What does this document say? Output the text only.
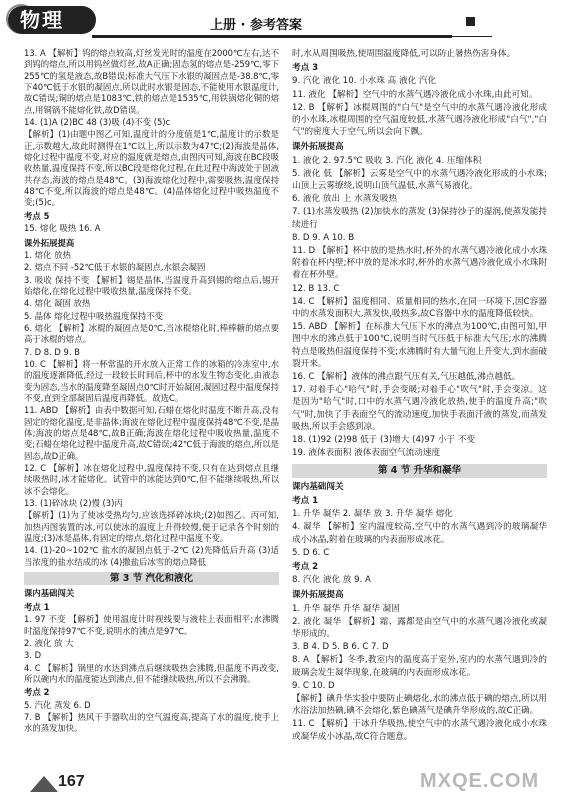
物理	上册 · 参考答案
13. A 【解析】钨的熔点较高,灯丝发光时的温度在2000℃左右,达不到钨的熔点,所以用钨丝做灯丝,故A正确;固态氢的熔点是-259℃,零下255℃的氢是液态,故B错误;标准大气压下水银的凝固点是-38.8℃,零下40℃低于水银的凝固点,所以此时水银是固态,不能使用水银温度计,故C错误;铜的熔点是1083℃,铁的熔点是1535℃,用铁锅熔化铜的熔点,用铜锅不能熔化铁,故D错误。
14. (1)A (2)BC 48 (3)吸 (4)不变 (5)c
【解析】(1)由题中图乙可知,温度计的分度值是1℃,温度计的示数是正,示数越大,故此时测得在1℃以上,所以示数为47℃;(2)海波是晶体,熔化过程中温度不变,对应的温度就是熔点,由图丙可知,海波在BC段吸收热量,温度保持不变,所以BC段是熔化过程,在此过程中海波处于固液共存态,海波的熔点是48℃。(3)海波熔化过程中,需要吸热,温度保持48℃不变,所以海波的熔点是48℃。(4)晶体熔化过程中吸热温度不变;(5)c。
考点 5
15. 熔化 吸热 16. A
课外拓展提高
1. 熔化 放热
2. 熔点不同 -52℃低于水银的凝固点,水银会凝固
3. 吸收 保持不变 【解析】锡是晶体,当温度升高到锡的熔点后,锡开始熔化,在熔化过程中吸收热量,温度保持不变。
4. 熔化 凝固 放热
5. 晶体 熔化过程中吸热温度保持不变
6. 熔化 【解析】冰棍的凝固点是0℃,当冰棍熔化时,棒棒糖的熔点要高于冰棍的熔点。
7. D 8. D 9. B
10. C 【解析】将一杯常温的开水放入正常工作的冰箱的冷冻室中,水的温度逐渐降低,经过一段较长时间后,杯中的水发生物态变化,由液态变为固态,当水的温度降至凝固点0℃时开始凝固,凝固过程中温度保持不变,直到全部凝固后温度再降低。故选C。
11. ABD 【解析】由表中数据可知,石蜡在熔化时温度不断升高,没有固定的熔化温度,是非晶体;海波在熔化过程中温度保持48℃不变,是晶体;海波的熔点是48℃,故B正确;海波在熔化过程中吸收热量,温度不变;石蜡在熔化过程中温度升高,故C错误;42℃低于海波的熔点,所以是固态,故D正确。
12. C 【解析】冰在熔化过程中,温度保持不变,只有在达到熔点且继续吸热时,冰才能熔化。试管中的冰能达到0℃,但不能继续吸热,所以冰不会熔化。
13. (1)碎冰块 (2)慢 (3)丙
【解析】(1)为了使冰受热均匀,应该选择碎冰块;(2)如图乙、丙可知,加热丙图装置的冰,可以使冰的温度上升得较慢,便于记录各个时刻的温度;(3)冰是晶体,有固定的熔点,熔化过程中温度不变。
14. (1)-20~102℃ 盐水的凝固点低于-2℃ (2)先降低后升高 (3)适当浓度的盐水结成的冰 (4)撒盐后冰雪的熔点降低
第 3 节 汽化和液化
课内基础闯关
考点 1
1. 97 不变 【解析】使用温度计时视线要与液柱上表面相平;水沸腾时温度保持97℃不变,说明水的沸点是97℃。
2. 液化 放 大
3. D
4. C 【解析】锅里的水达到沸点后继续吸热会沸腾,但温度不再改变,所以碗内水的温度能达到沸点,但不能继续吸热,所以不会沸腾。
考点 2
5. 汽化 蒸发 6. D
7. B 【解析】热风干手器吹出的空气温度高,提高了水的温度,使手上水的蒸发加快。
时,水从周围吸热,使周围温度降低,可以防止暑热伤害身体。
考点 3
9. 汽化 液化 10. 小水珠 高 液化 汽化
11. 液化 【解析】空气中的水蒸气遇冷液化成小水珠,由此可知。
12. B 【解析】冰棍周围的"白气"是空气中的水蒸气遇冷液化形成的小水珠,冰棍周围的空气温度较低,水蒸气遇冷液化形成"白气","白气"的密度大于空气,所以会向下飘。
课外拓展提高
1. 液化 2. 97.5℃ 吸收 3. 汽化 液化 4. 压缩体积
5. 液化 低 【解析】云雾是空气中的水蒸气遇冷液化形成的小水珠;山顶上云雾缭绕,说明山顶气温低,水蒸气易液化。
6. 液化 放出 上 水蒸发吸热
7. (1)水蒸发吸热 (2)加快水的蒸发 (3)保持沙子的湿润,使蒸发能持续进行
8. D 9. A 10. B
11. D 【解析】杯中放的是热水时,杯外的水蒸气遇冷液化成小水珠附着在杯内壁;杯中放的是冰水时,杯外的水蒸气遇冷液化成小水珠附着在杯外壁。
12. B 13. C
14. C 【解析】温度相同、质量相同的热水,在同一环境下,因C容器中的水蒸发面积大,蒸发快,吸热多,故C容器中水的温度降低较快。
15. ABD 【解析】在标准大气压下水的沸点为100℃,由图可知,甲图中水的沸点低于100℃,说明当时气压低于标准大气压;水的沸腾特点是吸热但温度保持不变;水沸腾时有大量气泡上升变大,到水面破裂开来。
16. C 【解析】液体的沸点跟气压有关,气压越低,沸点越低。
17. 对着手心"哈气"时,手会变暖;对着手心"吹气"时,手会变凉。这是因为"哈气"时,口中的水蒸气遇冷液化放热,使手的温度升高;"吹气"时,加快了手表面空气的流动速度,加快手表面汗液的蒸发,而蒸发吸热,所以手会感到凉。
18. (1)92 (2)98 低于 (3)增大 (4)97 小于 不变
19. 液体表面积 液体表面空气流动速度
第 4 节 升华和凝华
课内基础闯关
考点 1
1. 升华 凝华 2. 凝华 放 3. 升华 凝华 熔化
4. 凝华 【解析】室内温度较高,空气中的水蒸气遇到冷的玻璃凝华成小冰晶,附着在玻璃的内表面形成冰花。
5. D 6. C
考点 2
8. 汽化 液化 放 9. A
课外拓展提高
1. 升华 凝华 升华 凝华 凝固
2. 液化 凝华 【解析】霜、露都是由空气中的水蒸气遇冷液化或凝华形成的。
3. B 4. D 5. B 6. C 7. D
8. A 【解析】冬季,教室内的温度高于室外,室内的水蒸气遇到冷的玻璃会发生凝华现象,在玻璃的内表面形成冰花。
9. C 10. D
【解析】碘升华实验中要防止碘熔化,水的沸点低于碘的熔点,所以用水浴法加热碘,碘不会熔化,紫色碘蒸气是碘升华形成的,故C正确。
11. C 【解析】干冰升华吸热,使空气中的水蒸气遇冷液化成小水珠或凝华成小冰晶,故C符合题意。
167	MXQE.COM
